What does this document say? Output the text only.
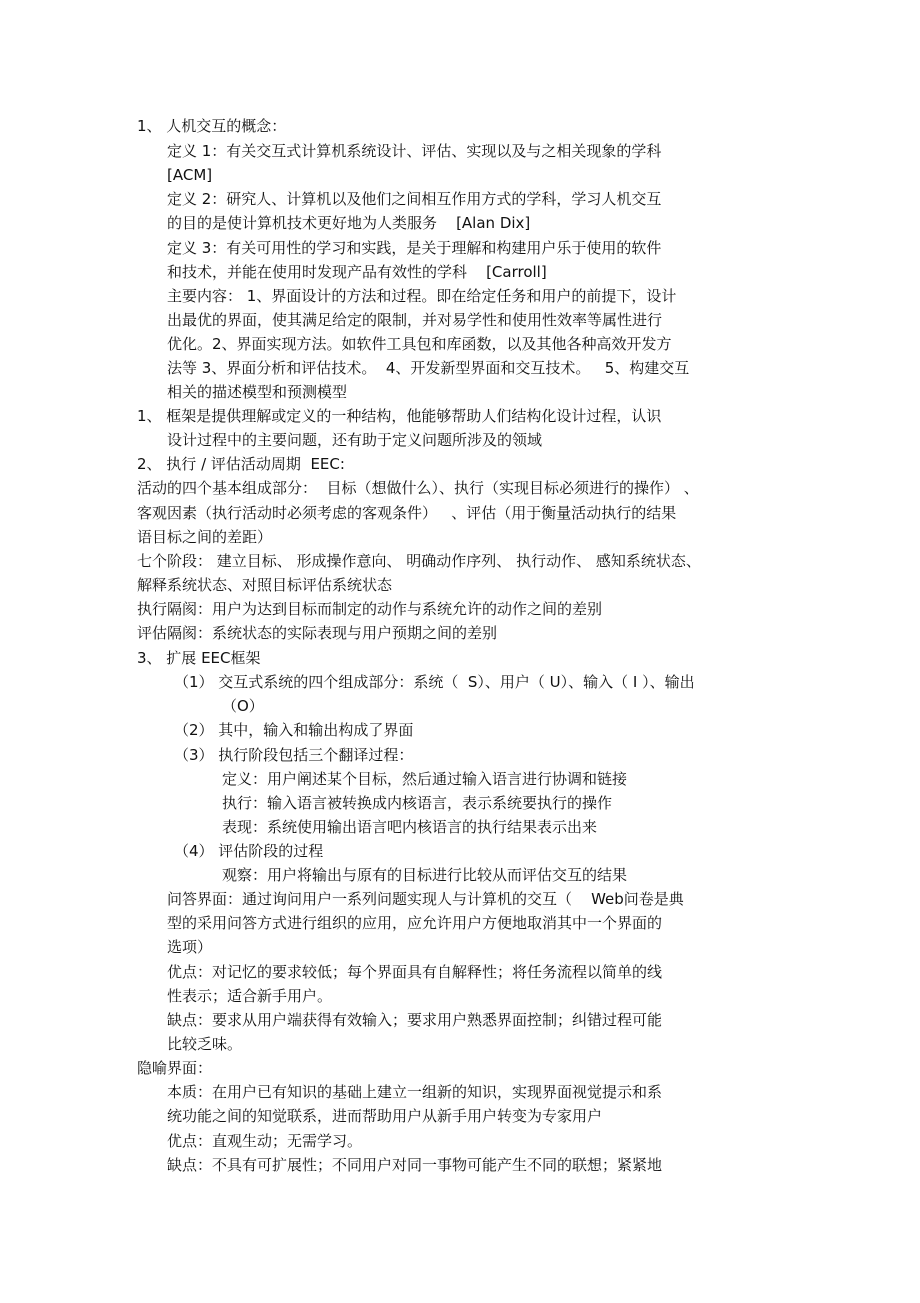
1、 人机交互的概念：
定义 1：有关交互式计算机系统设计、评估、实现以及与之相关现象的学科
[ACM]
定义 2：研究人、计算机以及他们之间相互作用方式的学科，学习人机交互
的目的是使计算机技术更好地为人类服务    [Alan Dix]
定义 3：有关可用性的学习和实践，是关于理解和构建用户乐于使用的软件
和技术，并能在使用时发现产品有效性的学科    [Carroll]
主要内容： 1、界面设计的方法和过程。即在给定任务和用户的前提下，设计
出最优的界面，使其满足给定的限制，并对易学性和使用性效率等属性进行
优化。2、界面实现方法。如软件工具包和库函数，以及其他各种高效开发方
法等 3、界面分析和评估技术。  4、开发新型界面和交互技术。   5、构建交互
相关的描述模型和预测模型
1、 框架是提供理解或定义的一种结构，他能够帮助人们结构化设计过程，认识
设计过程中的主要问题，还有助于定义问题所涉及的领域
2、 执行 / 评估活动周期  EEC:
活动的四个基本组成部分：  目标（想做什么）、执行（实现目标必须进行的操作） 、
客观因素（执行活动时必须考虑的客观条件）   、评估（用于衡量活动执行的结果
语目标之间的差距）
七个阶段： 建立目标、 形成操作意向、 明确动作序列、 执行动作、 感知系统状态、
解释系统状态、对照目标评估系统状态
执行隔阂：用户为达到目标而制定的动作与系统允许的动作之间的差别
评估隔阂：系统状态的实际表现与用户预期之间的差别
3、 扩展 EEC框架
（1） 交互式系统的四个组成部分：系统（  S）、用户（ U）、输入（ I ）、输出
（O）
（2） 其中，输入和输出构成了界面
（3） 执行阶段包括三个翻译过程：
定义：用户阐述某个目标，然后通过输入语言进行协调和链接
执行：输入语言被转换成内核语言，表示系统要执行的操作
表现：系统使用输出语言吧内核语言的执行结果表示出来
（4） 评估阶段的过程
观察：用户将输出与原有的目标进行比较从而评估交互的结果
问答界面：通过询问用户一系列问题实现人与计算机的交互（    Web问卷是典
型的采用问答方式进行组织的应用，应允许用户方便地取消其中一个界面的
选项）
优点：对记忆的要求较低；每个界面具有自解释性；将任务流程以简单的线
性表示；适合新手用户。
缺点：要求从用户端获得有效输入；要求用户熟悉界面控制；纠错过程可能
比较乏味。
隐喻界面：
本质：在用户已有知识的基础上建立一组新的知识，实现界面视觉提示和系
统功能之间的知觉联系，进而帮助用户从新手用户转变为专家用户
优点：直观生动；无需学习。
缺点：不具有可扩展性；不同用户对同一事物可能产生不同的联想；紧紧地
